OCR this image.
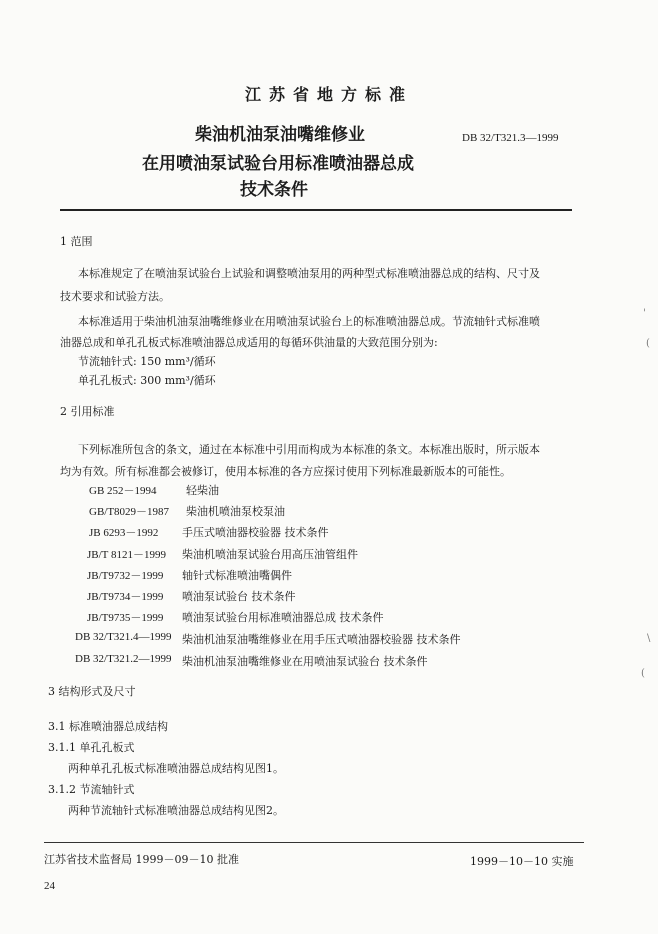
江苏省地方标准
柴油机油泵油嘴维修业	DB 32/T321.3—1999
在用喷油泵试验台用标准喷油器总成
技术条件
1 范围
本标准规定了在喷油泵试验台上试验和调整喷油泵用的两种型式标准喷油器总成的结构、尺寸及
技术要求和试验方法。
本标准适用于柴油机油泵油嘴维修业在用喷油泵试验台上的标准喷油器总成。节流轴针式标准喷
油器总成和单孔孔板式标准喷油器总成适用的每循环供油量的大致范围分别为:
节流轴针式: 150 mm³/循环
单孔孔板式: 300 mm³/循环
2 引用标准
下列标准所包含的条文，通过在本标准中引用而构成为本标准的条文。本标准出版时，所示版本
均为有效。所有标准都会被修订，使用本标准的各方应探讨使用下列标准最新版本的可能性。
GB 252－1994	轻柴油
GB/T8029－1987 柴油机喷油泵校泵油
JB 6293－1992 手压式喷油器校验器 技术条件
JB/T 8121－1999 柴油机喷油泵试验台用高压油管组件
JB/T9732－1999 轴针式标准喷油嘴偶件
JB/T9734－1999 喷油泵试验台 技术条件
JB/T9735－1999 喷油泵试验台用标准喷油器总成 技术条件
DB 32/T321.4—1999 柴油机油泵油嘴维修业在用手压式喷油器校验器 技术条件
DB 32/T321.2—1999 柴油机油泵油嘴维修业在用喷油泵试验台 技术条件
3 结构形式及尺寸
3.1 标准喷油器总成结构
3.1.1 单孔孔板式
两种单孔孔板式标准喷油器总成结构见图1。
3.1.2 节流轴针式
两种节流轴针式标准喷油器总成结构见图2。
江苏省技术监督局 1999－09－10 批准	1999－10－10 实施
24
'
(
\
(
